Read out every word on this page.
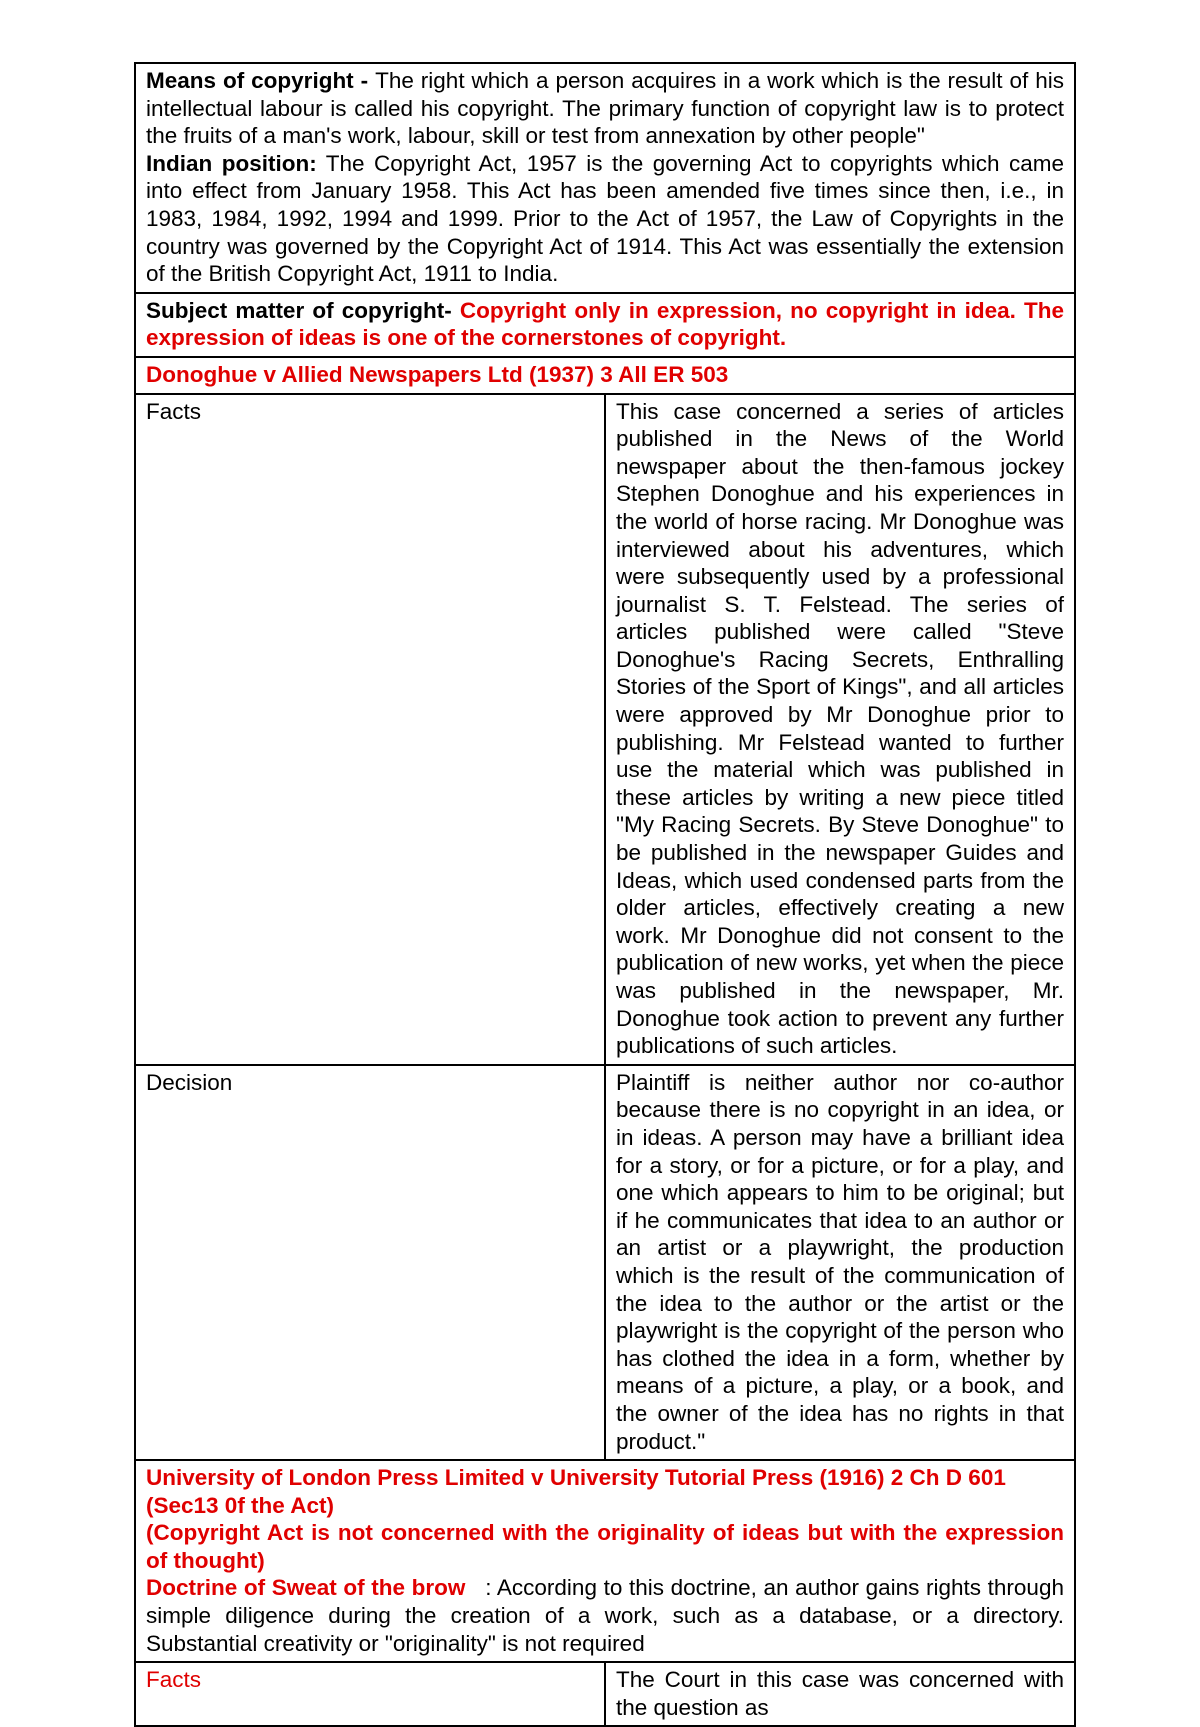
Means of copyright - The right which a person acquires in a work which is the result of his intellectual labour is called his copyright. The primary function of copyright law is to protect the fruits of a man's work, labour, skill or test from annexation by other people"
Indian position: The Copyright Act, 1957 is the governing Act to copyrights which came into effect from January 1958. This Act has been amended five times since then, i.e., in 1983, 1984, 1992, 1994 and 1999. Prior to the Act of 1957, the Law of Copyrights in the country was governed by the Copyright Act of 1914. This Act was essentially the extension of the British Copyright Act, 1911 to India.	

Subject matter of copyright- Copyright only in expression, no copyright in idea. The expression of ideas is one of the cornerstones of copyright.	
Donoghue v Allied Newspapers Ltd (1937) 3 All ER 503	
Facts	This case concerned a series of articles published in the News of the World newspaper about the then-famous jockey Stephen Donoghue and his experiences in the world of horse racing. Mr Donoghue was interviewed about his adventures, which were subsequently used by a professional journalist S. T. Felstead. The series of articles published were called "Steve Donoghue's Racing Secrets, Enthralling Stories of the Sport of Kings", and all articles were approved by Mr Donoghue prior to publishing. Mr Felstead wanted to further use the material which was published in these articles by writing a new piece titled "My Racing Secrets. By Steve Donoghue" to be published in the newspaper Guides and Ideas, which used condensed parts from the older articles, effectively creating a new work. Mr Donoghue did not consent to the publication of new works, yet when the piece was published in the newspaper, Mr. Donoghue took action to prevent any further publications of such articles.
Decision	Plaintiff is neither author nor co-author because there is no copyright in an idea, or in ideas. A person may have a brilliant idea for a story, or for a picture, or for a play, and one which appears to him to be original; but if he communicates that idea to an author or an artist or a playwright, the production which is the result of the communication of the idea to the author or the artist or the playwright is the copyright of the person who has clothed the idea in a form, whether by means of a picture, a play, or a book, and the owner of the idea has no rights in that product."

University of London Press Limited v University Tutorial Press (1916) 2 Ch D 601
(Sec13 0f the Act)
(Copyright Act is not concerned with the originality of ideas but with the expression of thought)
Doctrine of Sweat of the brow   : According to this doctrine, an author gains rights through simple diligence during the creation of a work, such as a database, or a directory. Substantial creativity or "originality" is not required	

Facts	The Court in this case was concerned with the question as
